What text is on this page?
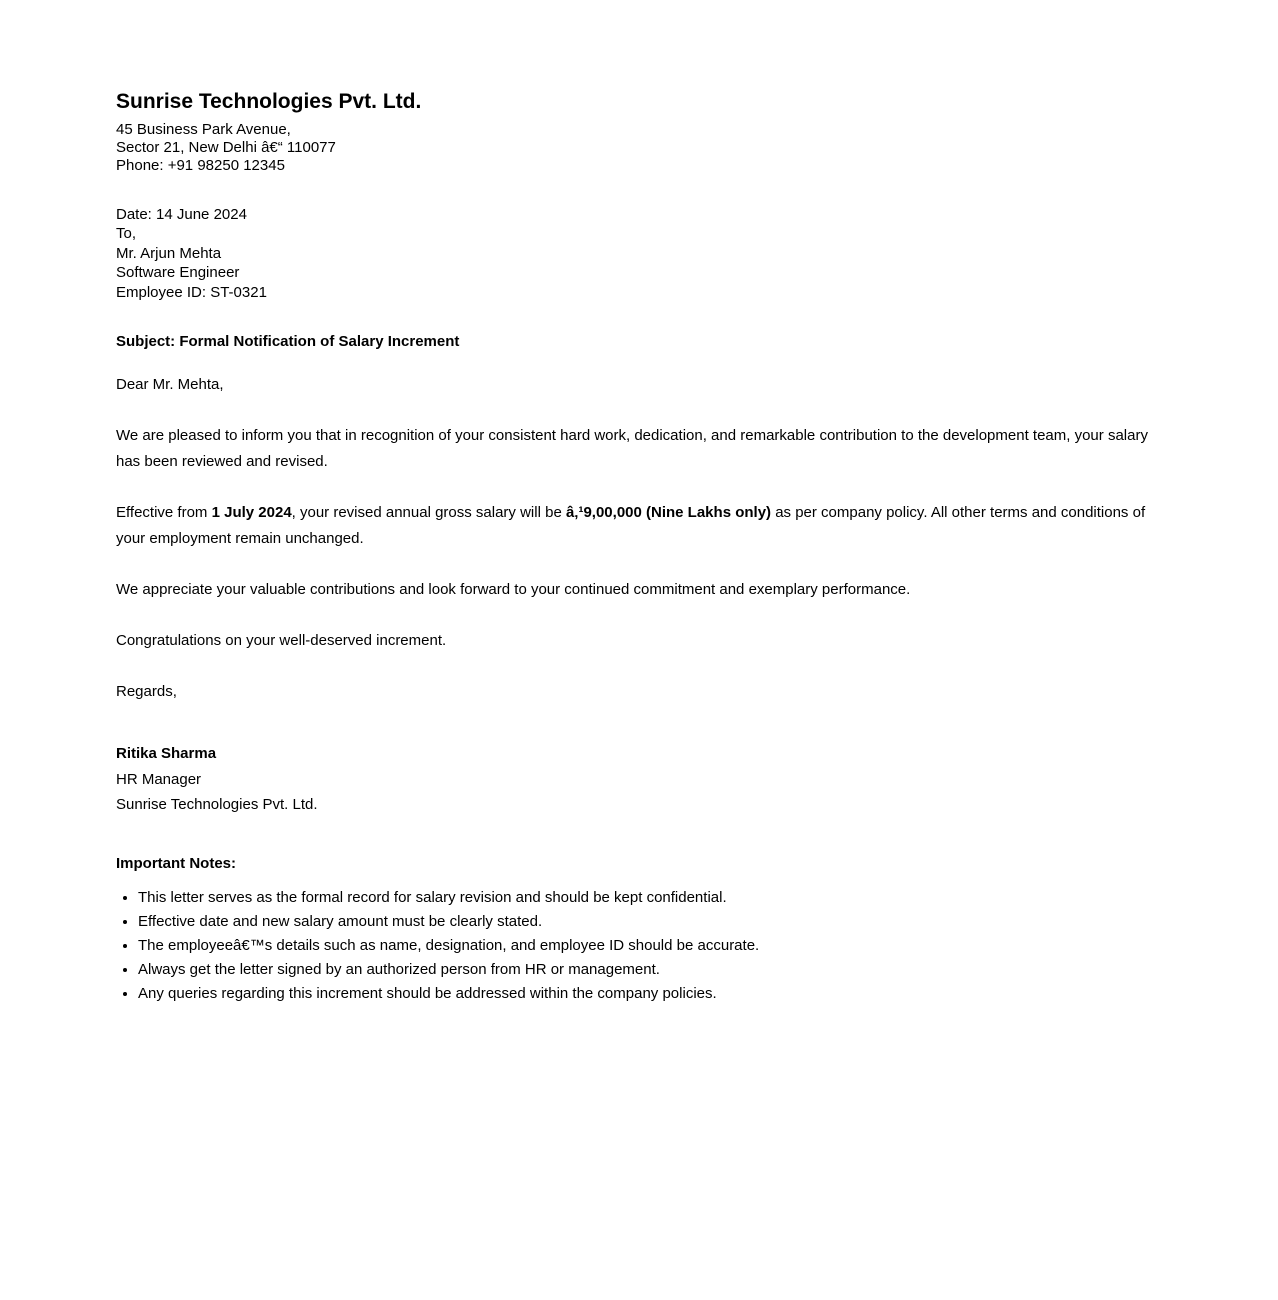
Sunrise Technologies Pvt. Ltd.

45 Business Park Avenue,

Sector 21, New Delhi â€“ 110077

Phone: +91 98250 12345

Date: 14 June 2024

To,

Mr. Arjun Mehta

Software Engineer

Employee ID: ST-0321

Subject: Formal Notification of Salary Increment

Dear Mr. Mehta,

We are pleased to inform you that in recognition of your consistent hard work, dedication, and remarkable contribution to the development team, your salary has been reviewed and revised.

Effective from 1 July 2024, your revised annual gross salary will be â‚¹9,00,000 (Nine Lakhs only) as per company policy. All other terms and conditions of your employment remain unchanged.

We appreciate your valuable contributions and look forward to your continued commitment and exemplary performance.

Congratulations on your well-deserved increment.

Regards,

Ritika Sharma

HR Manager

Sunrise Technologies Pvt. Ltd.

Important Notes:

• This letter serves as the formal record for salary revision and should be kept confidential.
• Effective date and new salary amount must be clearly stated.
• The employeeâ€™s details such as name, designation, and employee ID should be accurate.
• Always get the letter signed by an authorized person from HR or management.
• Any queries regarding this increment should be addressed within the company policies.
